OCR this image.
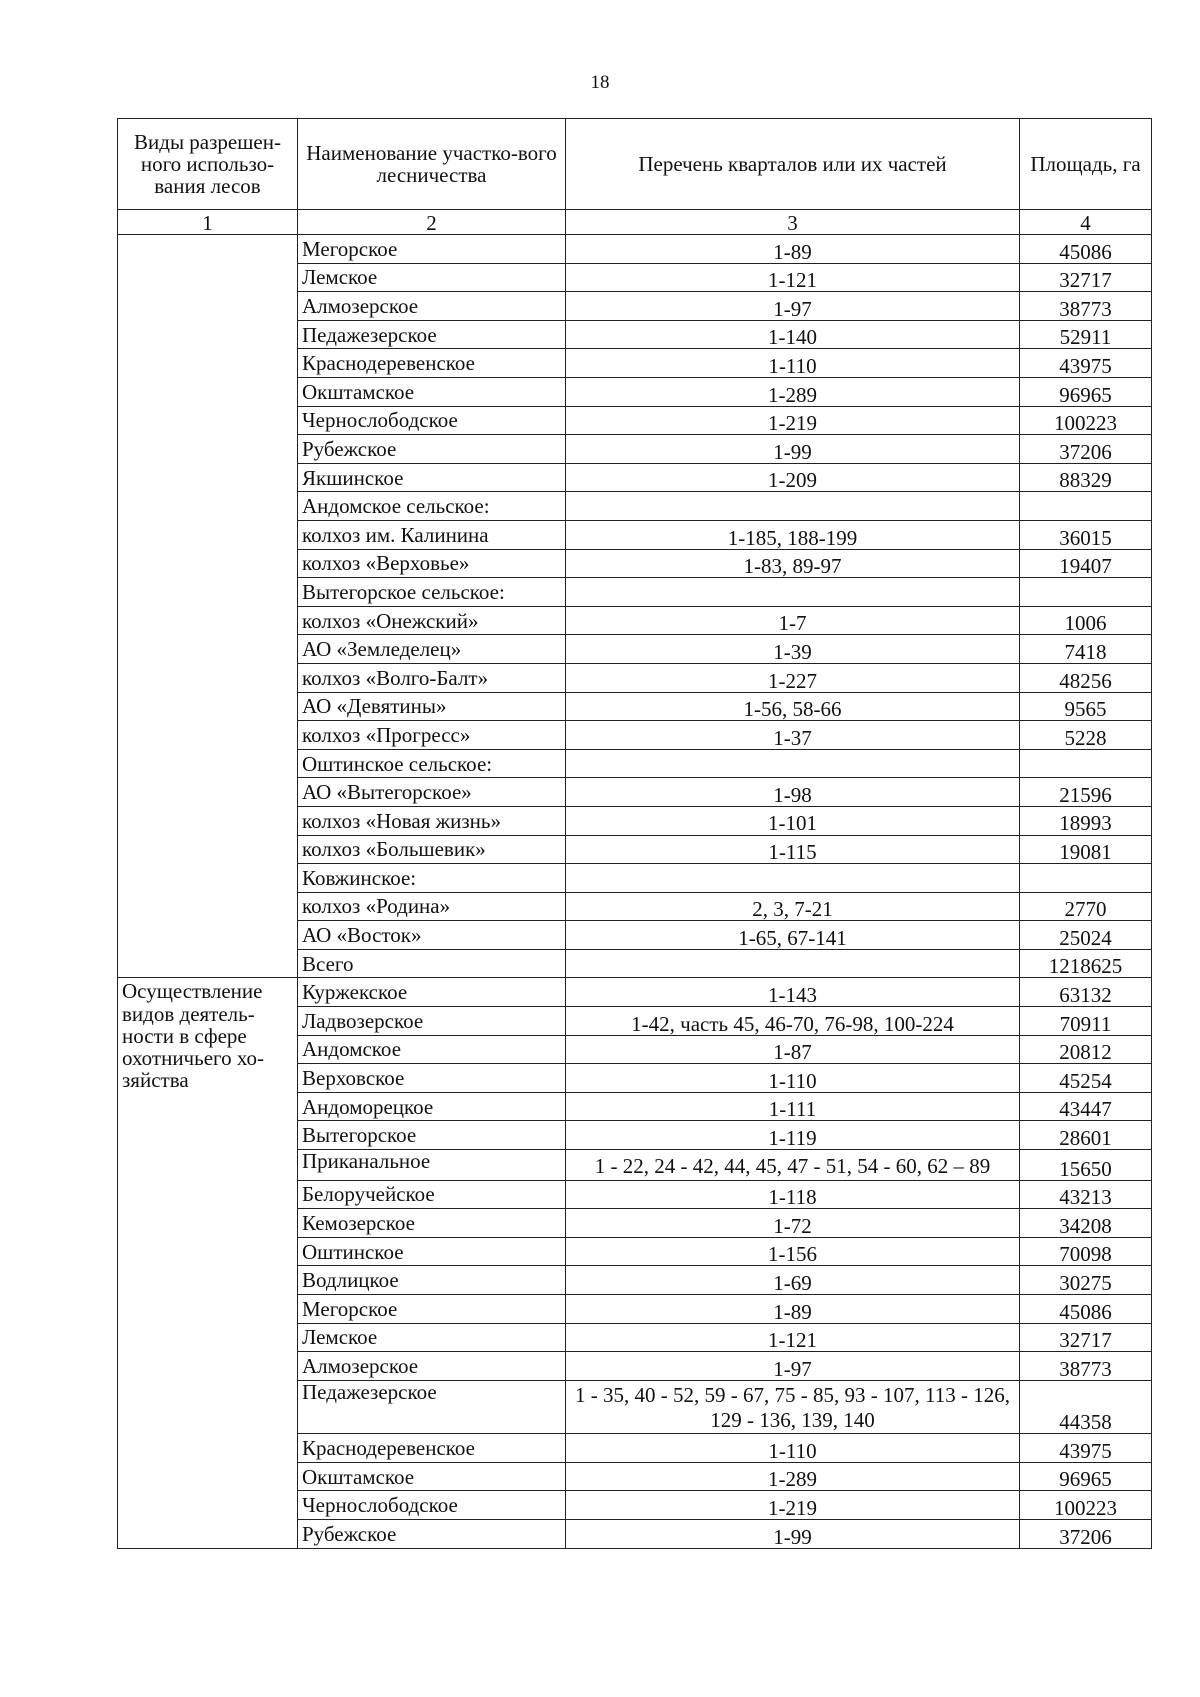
18
Виды разрешен-ного использо-вания лесов	Наименование участко-вого лесничества	Перечень кварталов или их частей	Площадь, га
1	2	3	4
	Мегорское	1-89	45086
	Лемское	1-121	32717
	Алмозерское	1-97	38773
	Педажезерское	1-140	52911
	Краснодеревенское	1-110	43975
	Окштамское	1-289	96965
	Чернослободское	1-219	100223
	Рубежское	1-99	37206
	Якшинское	1-209	88329
	Андомское сельское:		
	колхоз им. Калинина	1-185, 188-199	36015
	колхоз «Верховье»	1-83, 89-97	19407
	Вытегорское сельское:		
	колхоз «Онежский»	1-7	1006
	АО «Земледелец»	1-39	7418
	колхоз «Волго-Балт»	1-227	48256
	АО «Девятины»	1-56, 58-66	9565
	колхоз «Прогресс»	1-37	5228
	Оштинское сельское:		
	АО «Вытегорское»	1-98	21596
	колхоз «Новая жизнь»	1-101	18993
	колхоз «Большевик»	1-115	19081
	Ковжинское:		
	колхоз «Родина»	2, 3, 7-21	2770
	АО «Восток»	1-65, 67-141	25024
	Всего		1218625
Осуществление видов деятель-ности в сфере охотничьего хо-зяйства	Куржекское	1-143	63132
	Ладвозерское	1-42, часть 45, 46-70, 76-98, 100-224	70911
	Андомское	1-87	20812
	Верховское	1-110	45254
	Андоморецкое	1-111	43447
	Вытегорское	1-119	28601
	Приканальное	1 - 22, 24 - 42, 44, 45, 47 - 51, 54 - 60, 62 – 89	15650
	Белоручейское	1-118	43213
	Кемозерское	1-72	34208
	Оштинское	1-156	70098
	Водлицкое	1-69	30275
	Мегорское	1-89	45086
	Лемское	1-121	32717
	Алмозерское	1-97	38773
	Педажезерское	1 - 35, 40 - 52, 59 - 67, 75 - 85, 93 - 107, 113 - 126, 129 - 136, 139, 140	44358
	Краснодеревенское	1-110	43975
	Окштамское	1-289	96965
	Чернослободское	1-219	100223
	Рубежское	1-99	37206
